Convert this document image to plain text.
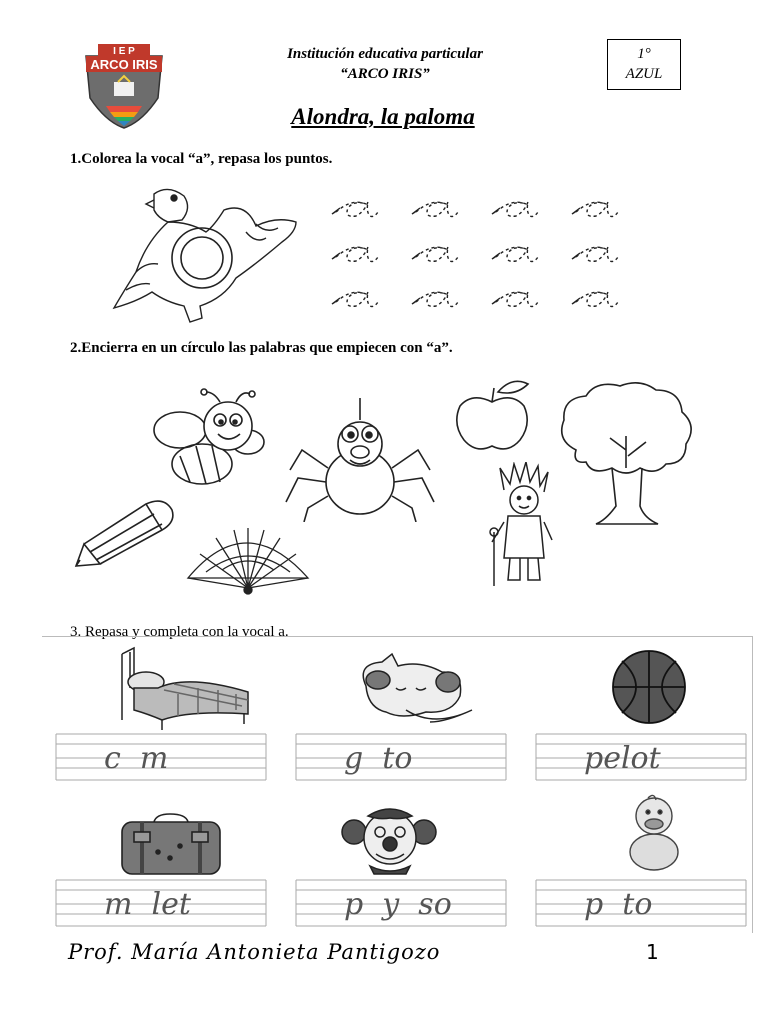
I E P
ARCO IRIS
Institución educativa particular
“ARCO IRIS”
1°
AZUL
Alondra, la paloma
1.Colorea la vocal “a”, repasa los puntos.
2.Encierra en un círculo las palabras que empiecen con “a”.
3. Repasa y completa con la vocal a.
c  m	g  to	pelot
m  let	p  y  so	p  to
Prof. María Antonieta Pantigozo	1
